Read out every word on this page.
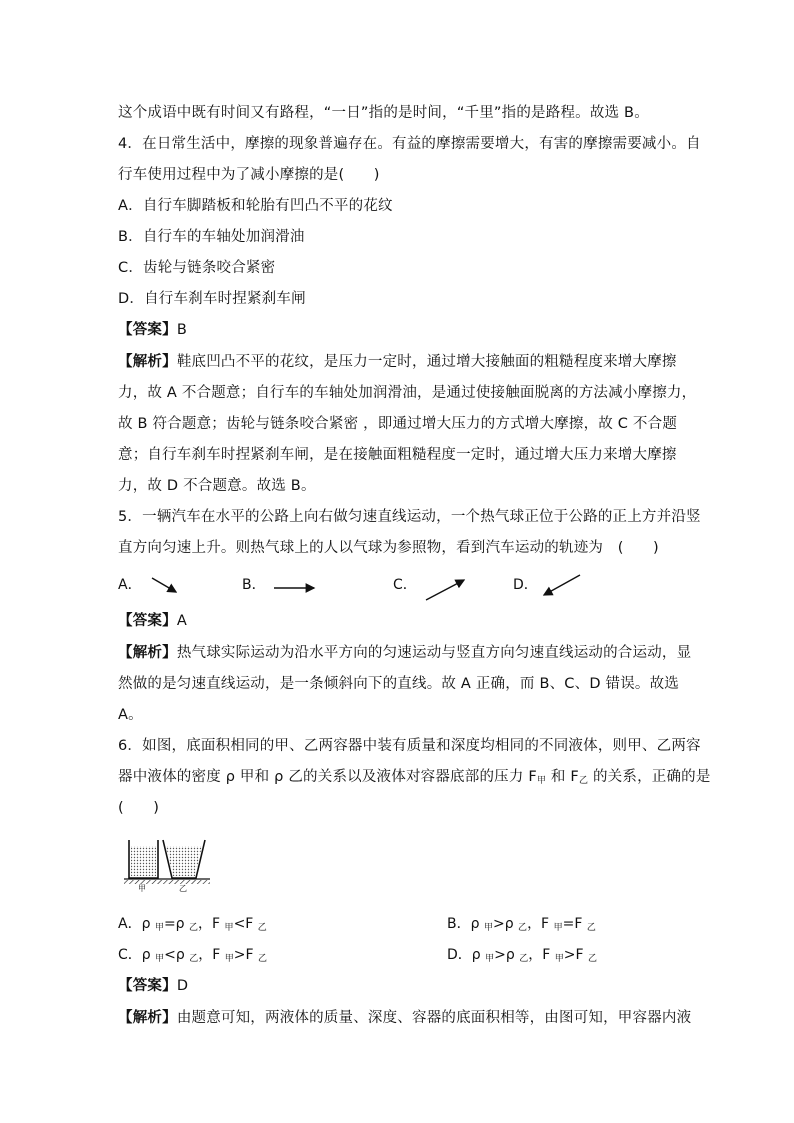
这个成语中既有时间又有路程，“一日”指的是时间，“千里”指的是路程。故选 B。
4．在日常生活中，摩擦的现象普遍存在。有益的摩擦需要增大，有害的摩擦需要减小。自
行车使用过程中为了减小摩擦的是(　　)
A．自行车脚踏板和轮胎有凹凸不平的花纹
B．自行车的车轴处加润滑油
C．齿轮与链条咬合紧密
D．自行车刹车时捏紧刹车闸
【答案】B
【解析】鞋底凹凸不平的花纹，是压力一定时，通过增大接触面的粗糙程度来增大摩擦
力，故 A 不合题意；自行车的车轴处加润滑油，是通过使接触面脱离的方法减小摩擦力，
故 B 符合题意；齿轮与链条咬合紧密 ，即通过增大压力的方式增大摩擦，故 C 不合题
意；自行车刹车时捏紧刹车闸，是在接触面粗糙程度一定时，通过增大压力来增大摩擦
力，故 D 不合题意。故选 B。
5．一辆汽车在水平的公路上向右做匀速直线运动，一个热气球正位于公路的正上方并沿竖
直方向匀速上升。则热气球上的人以气球为参照物，看到汽车运动的轨迹为　(　　)
A．	B．	C．	D．
【答案】A
【解析】热气球实际运动为沿水平方向的匀速运动与竖直方向匀速直线运动的合运动，显
然做的是匀速直线运动，是一条倾斜向下的直线。故 A 正确，而 B、C、D 错误。故选
A。
6．如图，底面积相同的甲、乙两容器中装有质量和深度均相同的不同液体，则甲、乙两容
器中液体的密度 ρ 甲和 ρ 乙的关系以及液体对容器底部的压力 $F_甲$ 和 $F_乙$ 的关系，正确的是
(　　)
甲	乙
A．ρ $_甲$=ρ $_乙$，F $_甲$<F $_乙$	B．ρ $_甲$>ρ $_乙$，F $_甲$=F $_乙$
C．ρ $_甲$<ρ $_乙$，F $_甲$>F $_乙$	D．ρ $_甲$>ρ $_乙$，F $_甲$>F $_乙$
【答案】D
【解析】由题意可知，两液体的质量、深度、容器的底面积相等，由图可知，甲容器内液
